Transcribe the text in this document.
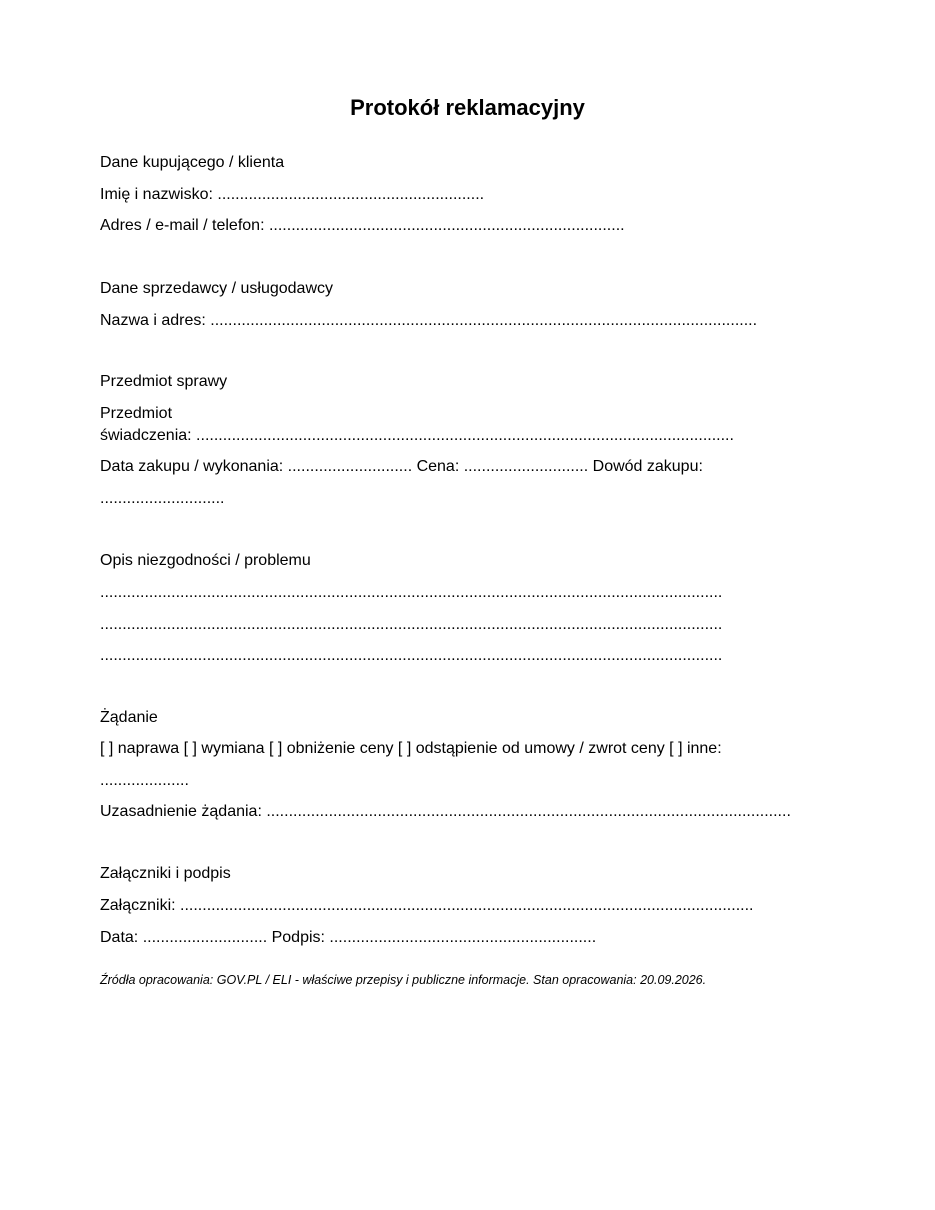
Protokół reklamacyjny
Dane kupującego / klienta
Imię i nazwisko: ............................................................
Adres / e-mail / telefon: ................................................................................
Dane sprzedawcy / usługodawcy
Nazwa i adres: ...........................................................................................................................
Przedmiot sprawy
Przedmiot
świadczenia: .........................................................................................................................
Data zakupu / wykonania: ............................ Cena: ............................ Dowód zakupu:
............................
Opis niezgodności / problemu
............................................................................................................................................
............................................................................................................................................
............................................................................................................................................
Żądanie
[ ] naprawa [ ] wymiana [ ] obniżenie ceny [ ] odstąpienie od umowy / zwrot ceny [ ] inne:
....................
Uzasadnienie żądania: ......................................................................................................................
Załączniki i podpis
Załączniki: .................................................................................................................................
Data: ............................ Podpis: ............................................................
Źródła opracowania: GOV.PL / ELI - właściwe przepisy i publiczne informacje. Stan opracowania: 20.09.2026.
